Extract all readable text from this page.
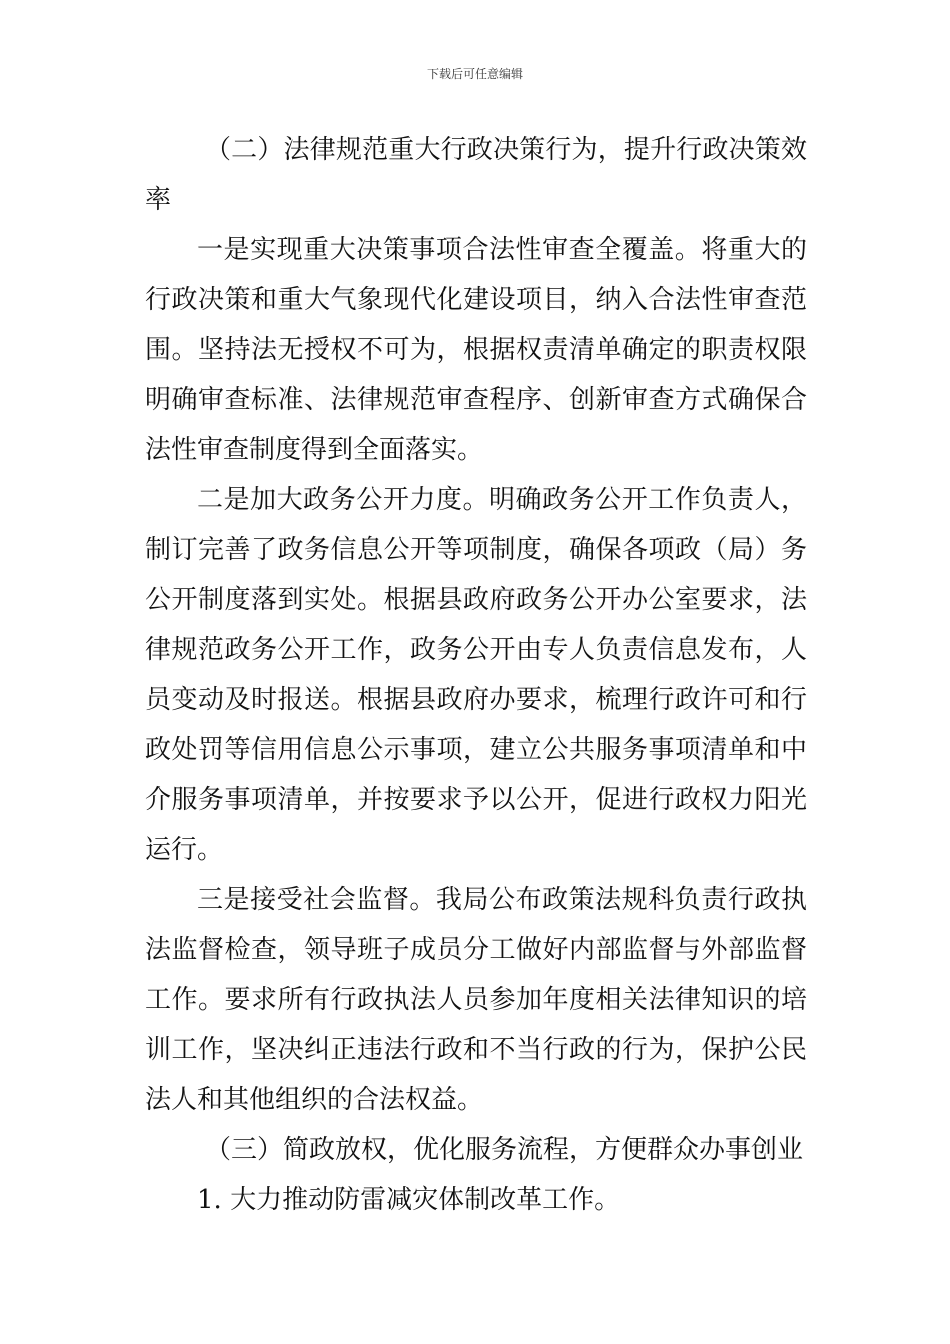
下载后可任意编辑

（二）法律规范重大行政决策行为，提升行政决策效率

一是实现重大决策事项合法性审查全覆盖。将重大的行政决策和重大气象现代化建设项目，纳入合法性审查范围。坚持法无授权不可为，根据权责清单确定的职责权限明确审查标准、法律规范审查程序、创新审查方式确保合法性审查制度得到全面落实。

二是加大政务公开力度。明确政务公开工作负责人，制订完善了政务信息公开等项制度，确保各项政（局）务公开制度落到实处。根据县政府政务公开办公室要求，法律规范政务公开工作，政务公开由专人负责信息发布，人员变动及时报送。根据县政府办要求，梳理行政许可和行政处罚等信用信息公示事项，建立公共服务事项清单和中介服务事项清单，并按要求予以公开，促进行政权力阳光运行。

三是接受社会监督。我局公布政策法规科负责行政执法监督检查，领导班子成员分工做好内部监督与外部监督工作。要求所有行政执法人员参加年度相关法律知识的培训工作，坚决纠正违法行政和不当行政的行为，保护公民法人和其他组织的合法权益。

（三）简政放权，优化服务流程，方便群众办事创业

1. 大力推动防雷减灾体制改革工作。
